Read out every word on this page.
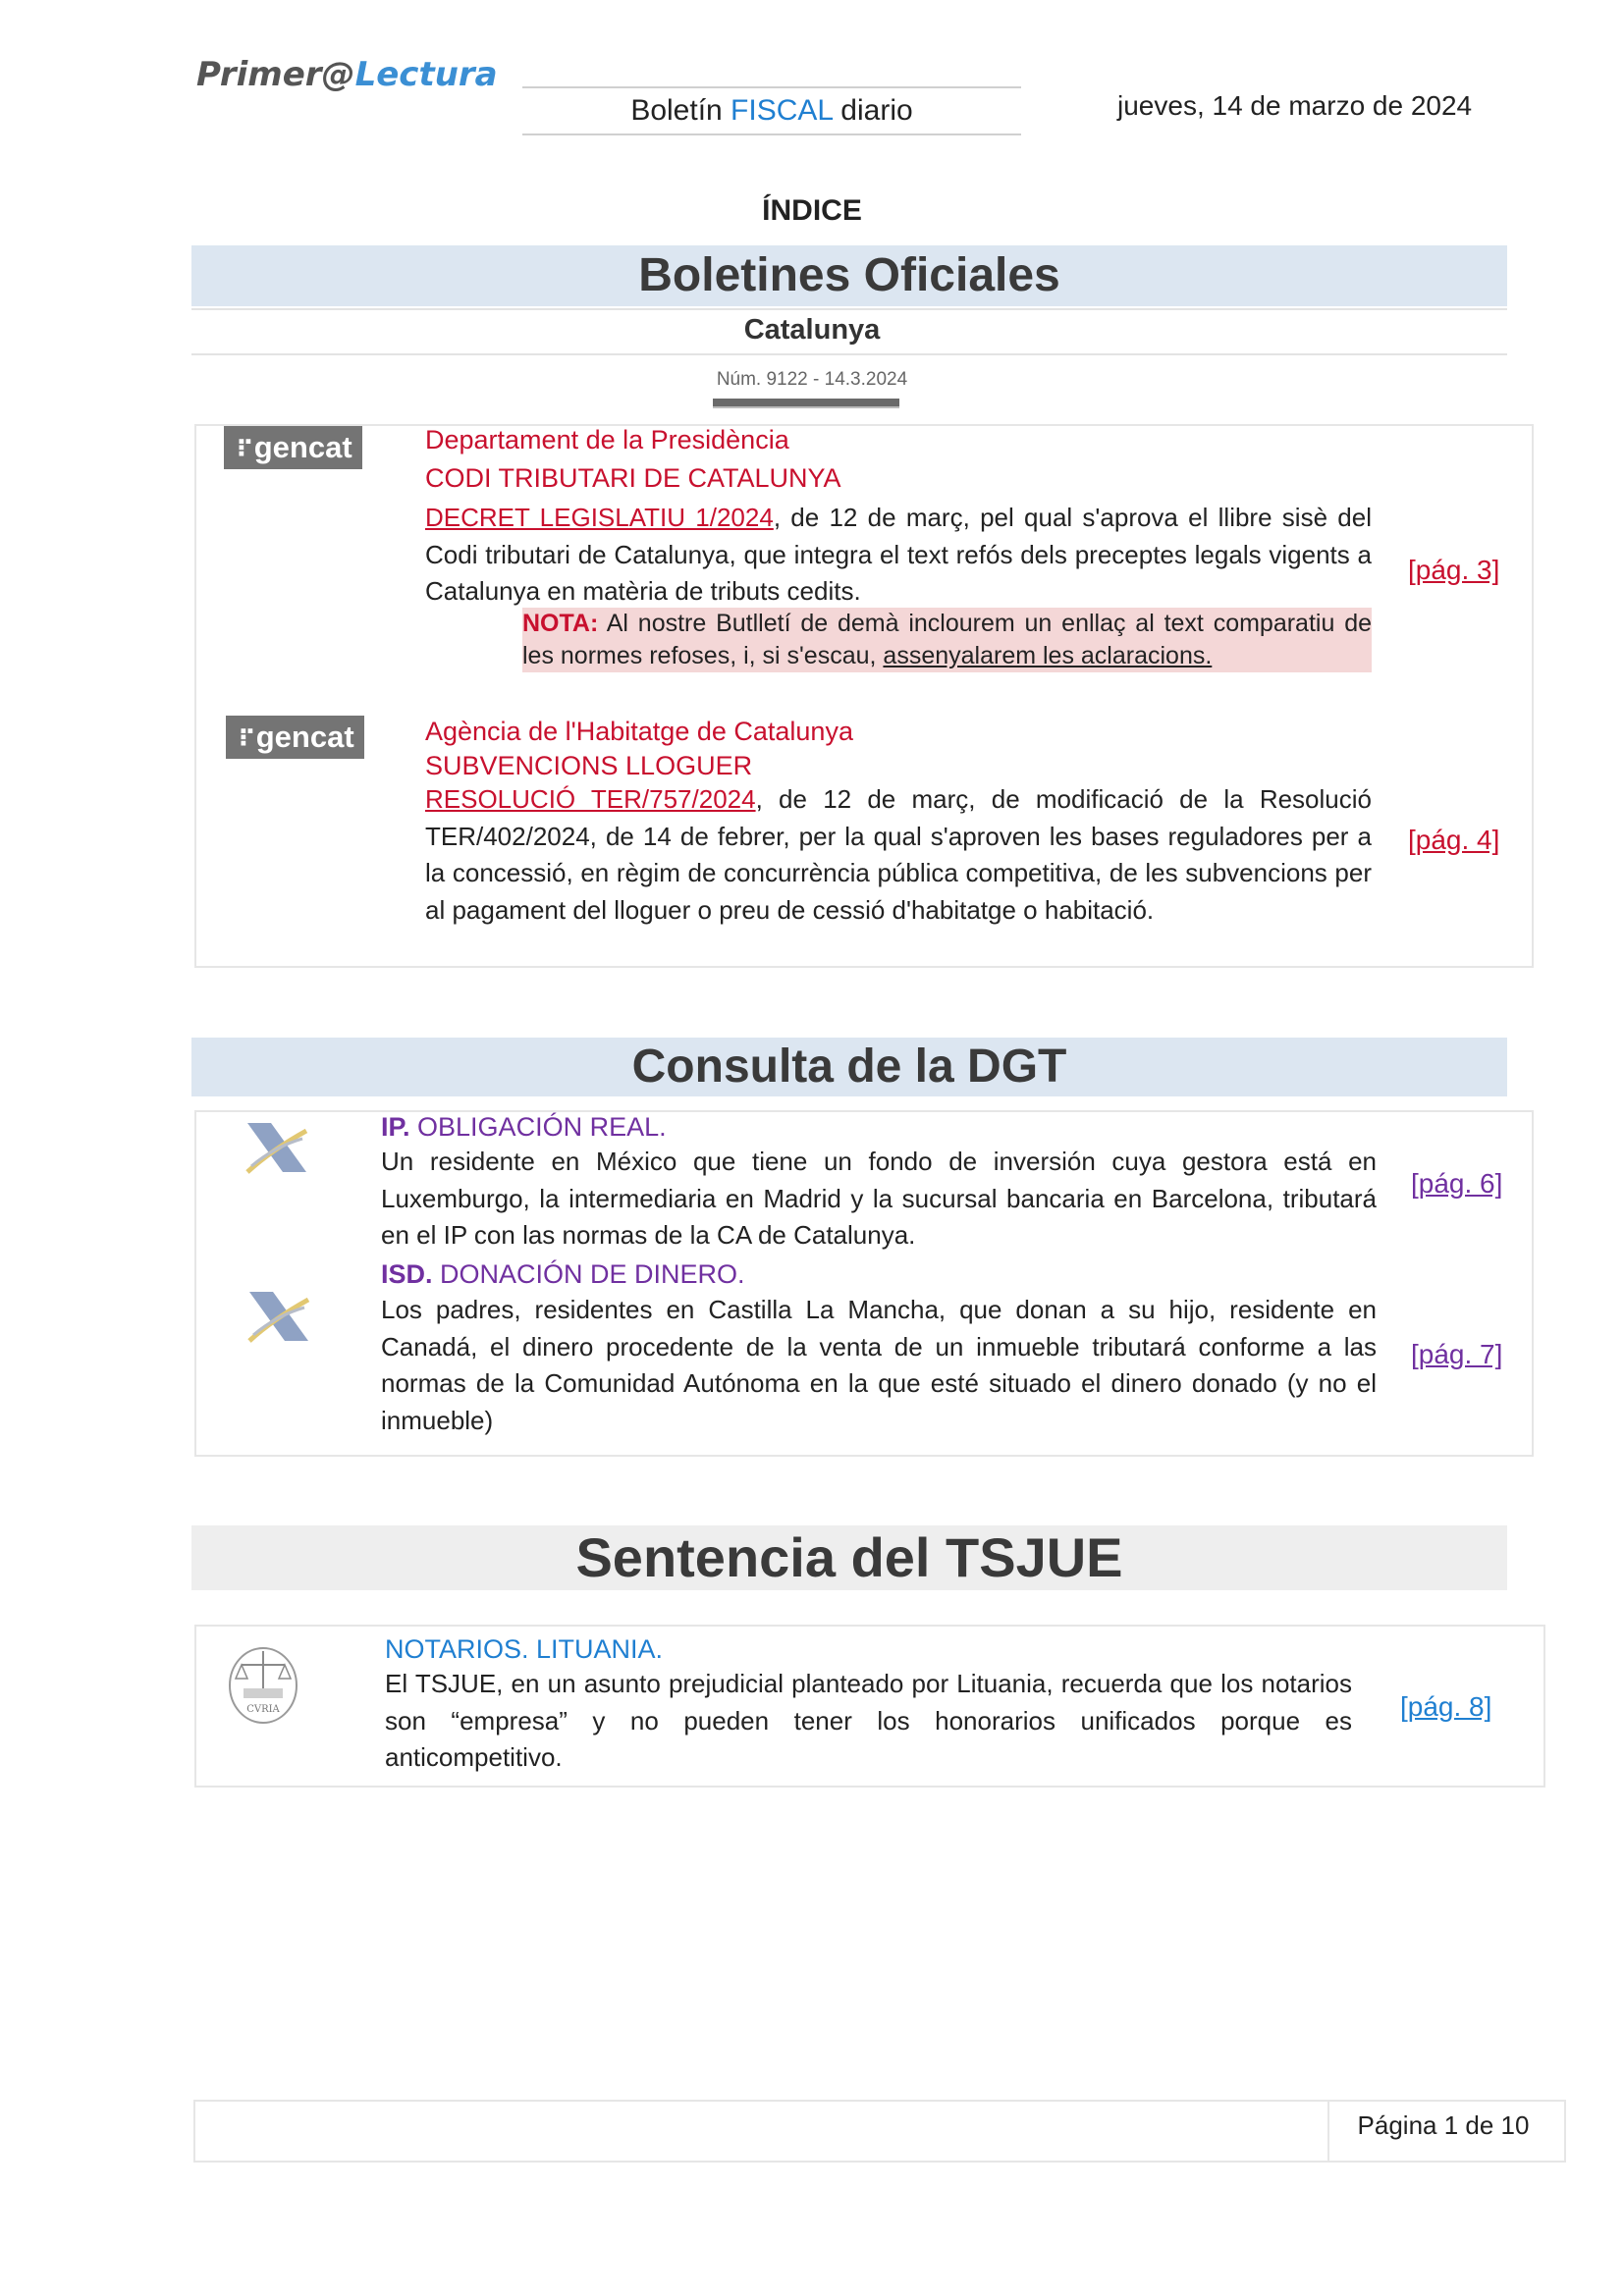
Primer@Lectura
Boletín FISCAL diario	jueves, 14 de marzo de 2024
ÍNDICE
Boletines Oficiales
Catalunya
Núm. 9122 - 14.3.2024
⠏gencat	Departament de la Presidència
CODI TRIBUTARI DE CATALUNYA
DECRET LEGISLATIU 1/2024, de 12 de març, pel qual s'aprova el llibre sisè del Codi tributari de Catalunya, que integra el text refós dels preceptes legals vigents a Catalunya en matèria de tributs cedits.
NOTA: Al nostre Butlletí de demà inclourem un enllaç al text comparatiu de les normes refoses, i, si s'escau, assenyalarem les aclaracions.
[pág. 3]
⠏gencat	Agència de l'Habitatge de Catalunya
SUBVENCIONS LLOGUER
RESOLUCIÓ TER/757/2024, de 12 de març, de modificació de la Resolució TER/402/2024, de 14 de febrer, per la qual s'aproven les bases reguladores per a la concessió, en règim de concurrència pública competitiva, de les subvencions per al pagament del lloguer o preu de cessió d'habitatge o habitació.
[pág. 4]
Consulta de la DGT
IP. OBLIGACIÓN REAL.
Un residente en México que tiene un fondo de inversión cuya gestora está en Luxemburgo, la intermediaria en Madrid y la sucursal bancaria en Barcelona, tributará en el IP con las normas de la CA de Catalunya.
[pág. 6]
ISD. DONACIÓN DE DINERO.
Los padres, residentes en Castilla La Mancha, que donan a su hijo, residente en Canadá, el dinero procedente de la venta de un inmueble tributará conforme a las normas de la Comunidad Autónoma en la que esté situado el dinero donado (y no el inmueble)
[pág. 7]
Sentencia del TSJUE
CVRIA
NOTARIOS. LITUANIA.
El TSJUE, en un asunto prejudicial planteado por Lituania, recuerda que los notarios son “empresa” y no pueden tener los honorarios unificados porque es anticompetitivo.
[pág. 8]
Página 1 de 10
